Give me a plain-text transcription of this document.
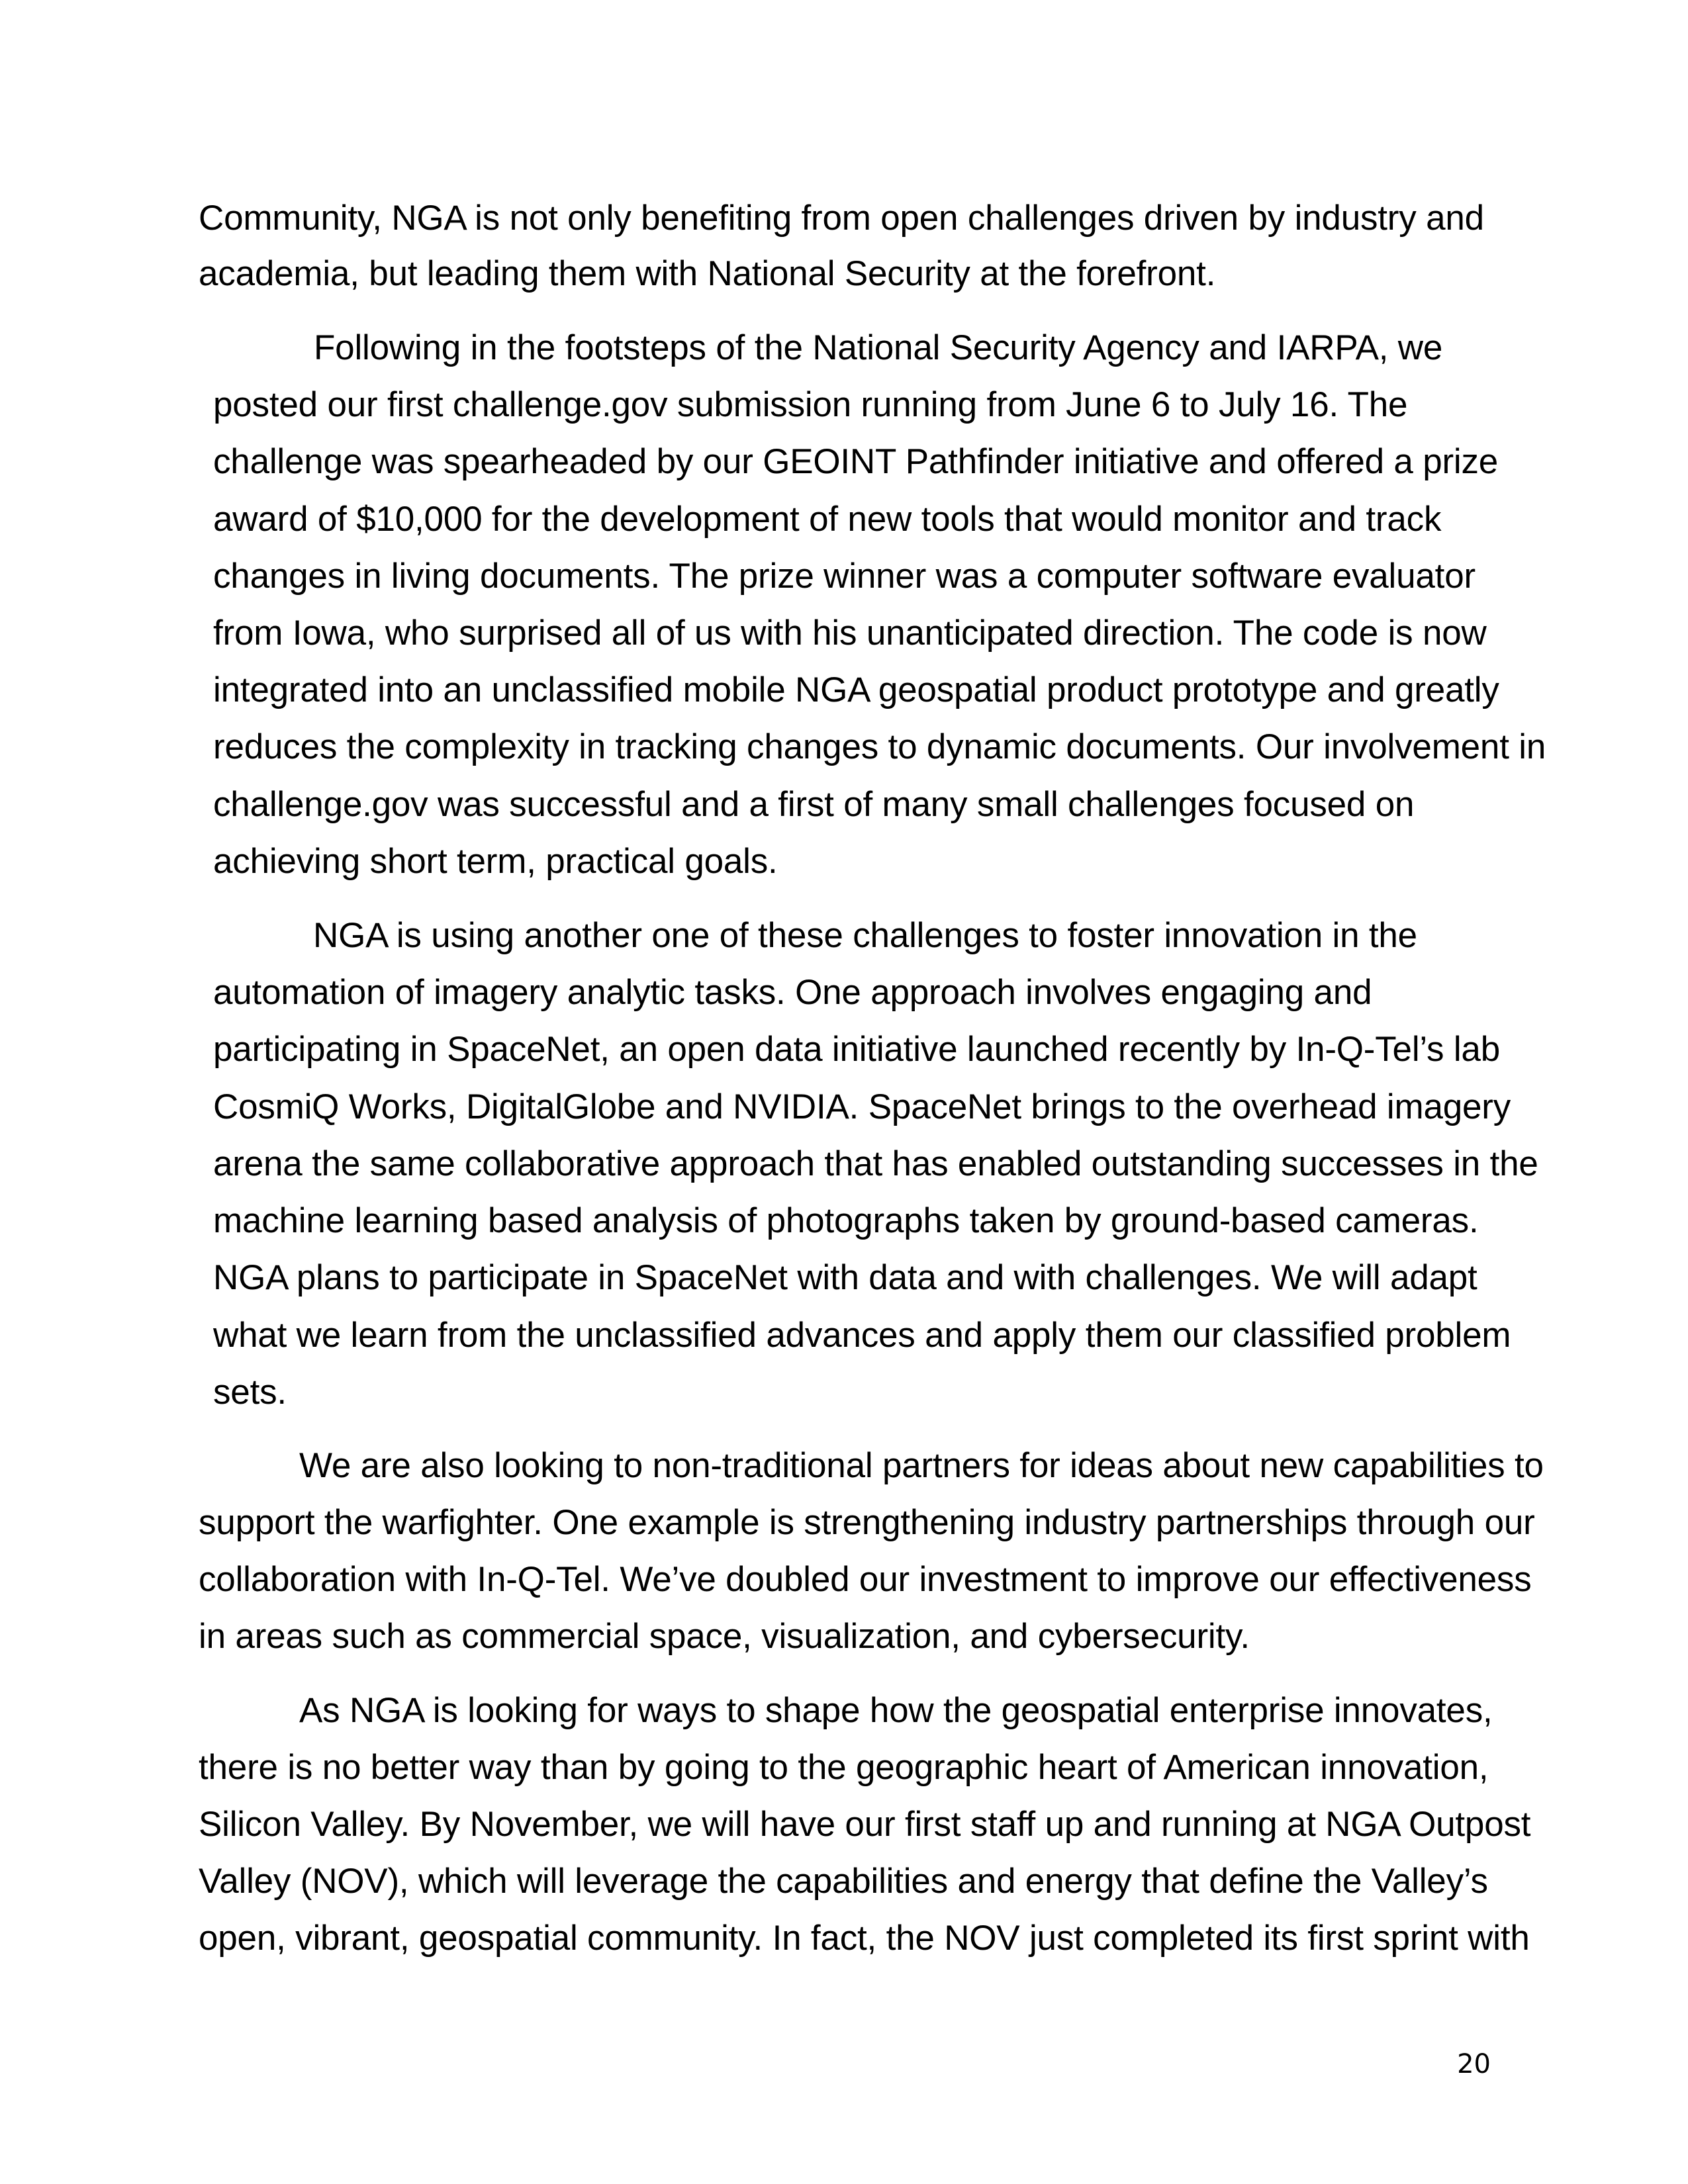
Community, NGA is not only benefiting from open challenges driven by industry and
academia, but leading them with National Security at the forefront.
Following in the footsteps of the National Security Agency and IARPA, we
posted our first challenge.gov submission running from June 6 to July 16. The
challenge was spearheaded by our GEOINT Pathfinder initiative and offered a prize
award of $10,000 for the development of new tools that would monitor and track
changes in living documents. The prize winner was a computer software evaluator
from Iowa, who surprised all of us with his unanticipated direction. The code is now
integrated into an unclassified mobile NGA geospatial product prototype and greatly
reduces the complexity in tracking changes to dynamic documents. Our involvement in
challenge.gov was successful and a first of many small challenges focused on
achieving short term, practical goals.
NGA is using another one of these challenges to foster innovation in the
automation of imagery analytic tasks. One approach involves engaging and
participating in SpaceNet, an open data initiative launched recently by In-Q-Tel’s lab
CosmiQ Works, DigitalGlobe and NVIDIA. SpaceNet brings to the overhead imagery
arena the same collaborative approach that has enabled outstanding successes in the
machine learning based analysis of photographs taken by ground-based cameras.
NGA plans to participate in SpaceNet with data and with challenges. We will adapt
what we learn from the unclassified advances and apply them our classified problem
sets.
We are also looking to non-traditional partners for ideas about new capabilities to
support the warfighter. One example is strengthening industry partnerships through our
collaboration with In-Q-Tel. We’ve doubled our investment to improve our effectiveness
in areas such as commercial space, visualization, and cybersecurity.
As NGA is looking for ways to shape how the geospatial enterprise innovates,
there is no better way than by going to the geographic heart of American innovation,
Silicon Valley. By November, we will have our first staff up and running at NGA Outpost
Valley (NOV), which will leverage the capabilities and energy that define the Valley’s
open, vibrant, geospatial community. In fact, the NOV just completed its first sprint with
20
